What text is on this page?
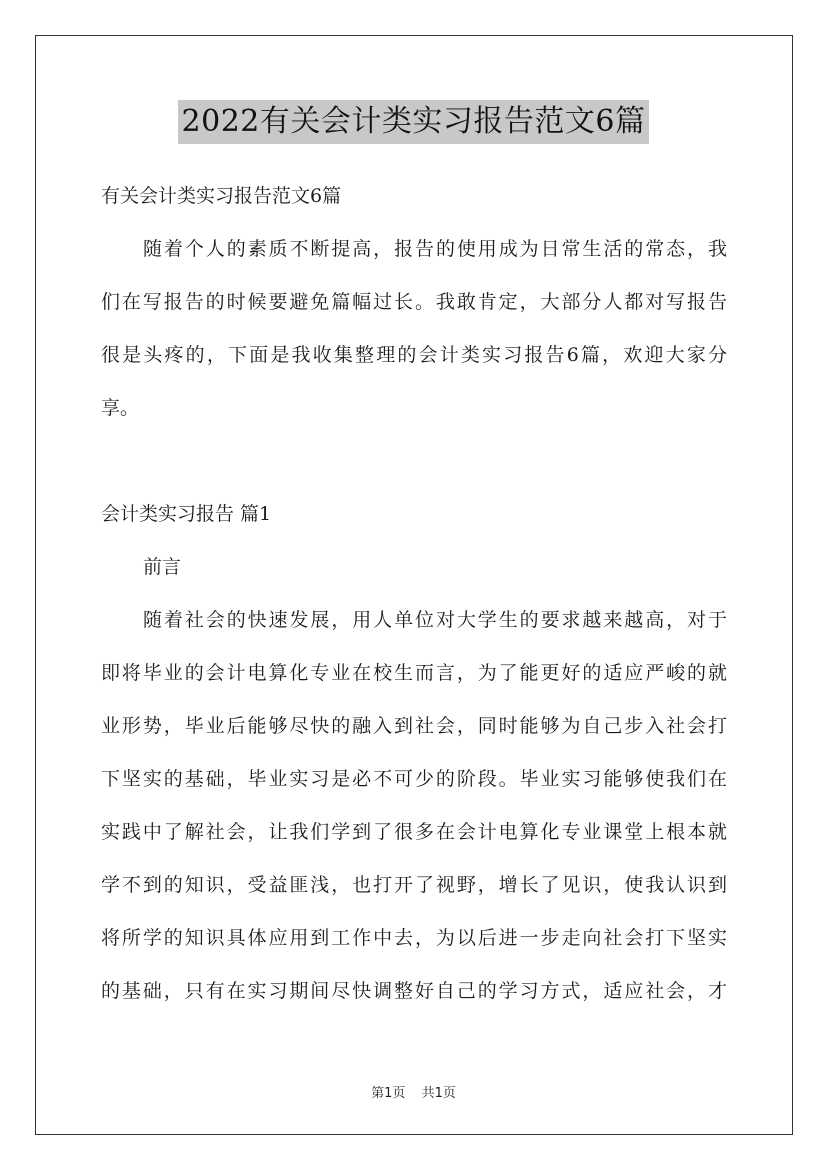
2022有关会计类实习报告范文6篇
有关会计类实习报告范文6篇
随着个人的素质不断提高，报告的使用成为日常生活的常态，我
们在写报告的时候要避免篇幅过长。我敢肯定，大部分人都对写报告
很是头疼的，下面是我收集整理的会计类实习报告6篇，欢迎大家分
享。
会计类实习报告 篇1
前言
随着社会的快速发展，用人单位对大学生的要求越来越高，对于
即将毕业的会计电算化专业在校生而言，为了能更好的适应严峻的就
业形势，毕业后能够尽快的融入到社会，同时能够为自己步入社会打
下坚实的基础，毕业实习是必不可少的阶段。毕业实习能够使我们在
实践中了解社会，让我们学到了很多在会计电算化专业课堂上根本就
学不到的知识，受益匪浅，也打开了视野，增长了见识，使我认识到
将所学的知识具体应用到工作中去，为以后进一步走向社会打下坚实
的基础，只有在实习期间尽快调整好自己的学习方式，适应社会，才
第1页 共1页
